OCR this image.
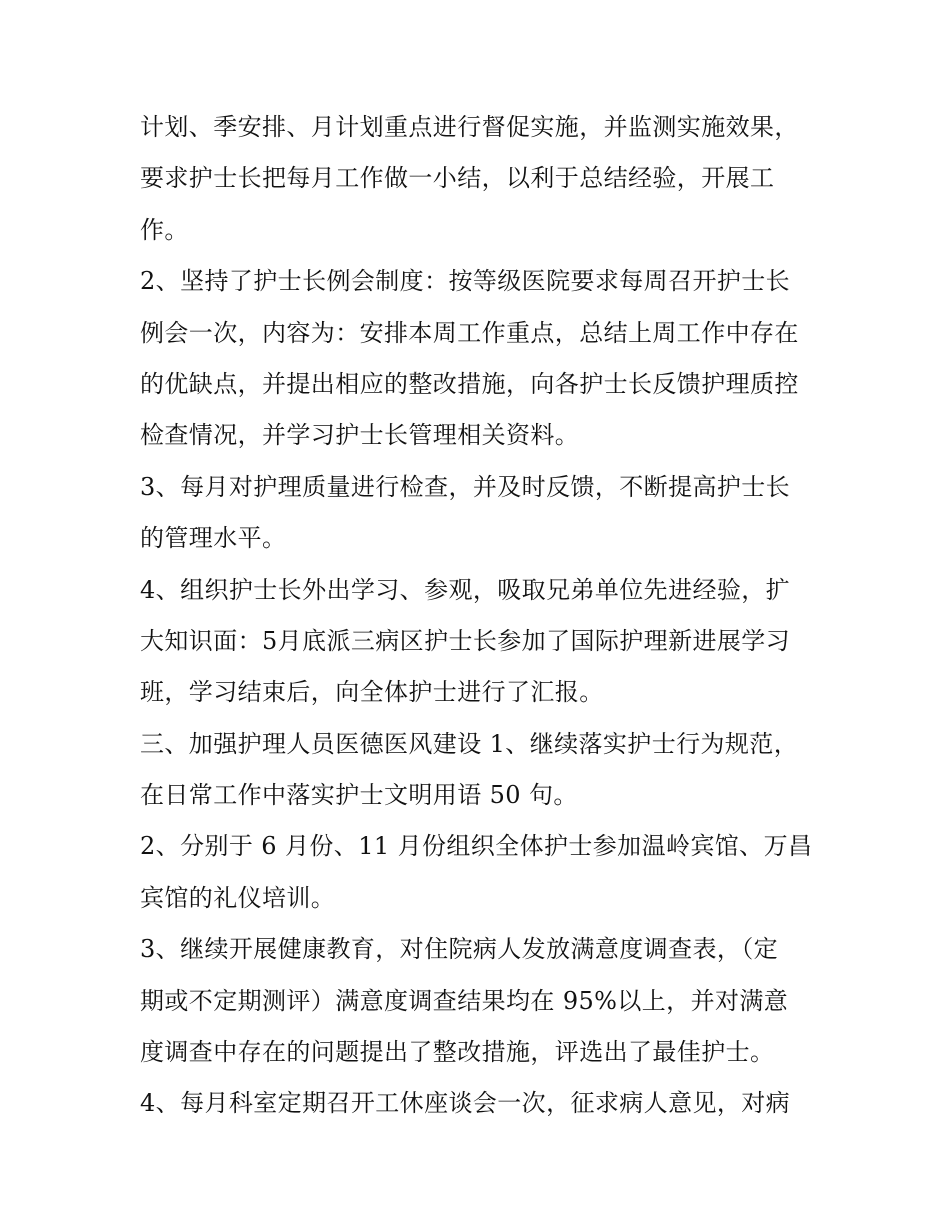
计划、季安排、月计划重点进行督促实施，并监测实施效果，
要求护士长把每月工作做一小结，以利于总结经验，开展工
作。
2、坚持了护士长例会制度：按等级医院要求每周召开护士长
例会一次，内容为：安排本周工作重点，总结上周工作中存在
的优缺点，并提出相应的整改措施，向各护士长反馈护理质控
检查情况，并学习护士长管理相关资料。
3、每月对护理质量进行检查，并及时反馈，不断提高护士长
的管理水平。
4、组织护士长外出学习、参观，吸取兄弟单位先进经验，扩
大知识面：5月底派三病区护士长参加了国际护理新进展学习
班，学习结束后，向全体护士进行了汇报。
三、加强护理人员医德医风建设 1、继续落实护士行为规范，
在日常工作中落实护士文明用语 50 句。
2、分别于 6 月份、11 月份组织全体护士参加温岭宾馆、万昌
宾馆的礼仪培训。
3、继续开展健康教育，对住院病人发放满意度调查表，（定
期或不定期测评）满意度调查结果均在 95%以上，并对满意
度调查中存在的问题提出了整改措施，评选出了最佳护士。
4、每月科室定期召开工休座谈会一次，征求病人意见，对病
